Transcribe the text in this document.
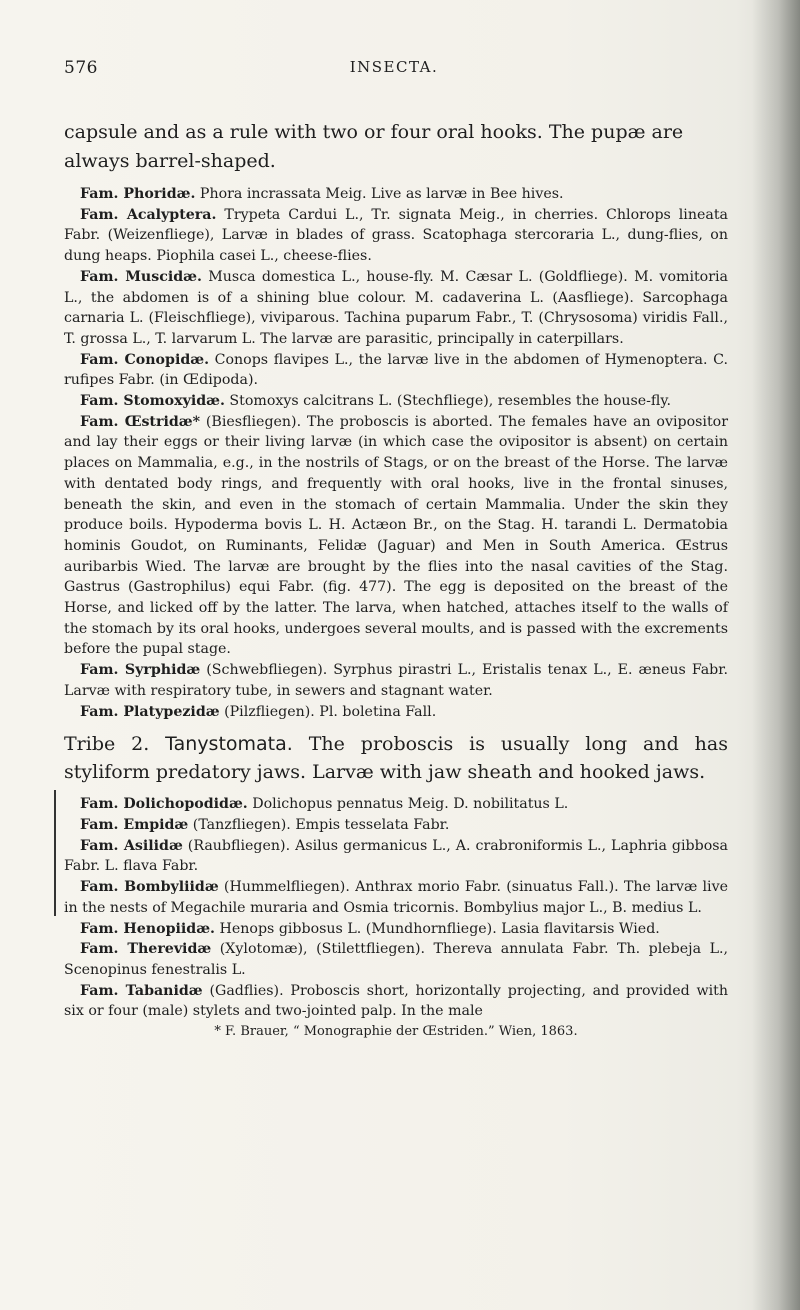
576	INSECTA.

capsule and as a rule with two or four oral hooks. The pupæ are always barrel-shaped.

Fam. Phoridæ. Phora incrassata Meig. Live as larvæ in Bee hives.

Fam. Acalyptera. Trypeta Cardui L., Tr. signata Meig., in cherries. Chlorops lineata Fabr. (Weizenfliege), Larvæ in blades of grass. Scatophaga stercoraria L., dung-flies, on dung heaps. Piophila casei L., cheese-flies.

Fam. Muscidæ. Musca domestica L., house-fly. M. Cæsar L. (Goldfliege). M. vomitoria L., the abdomen is of a shining blue colour. M. cadaverina L. (Aasfliege). Sarcophaga carnaria L. (Fleischfliege), viviparous. Tachina puparum Fabr., T. (Chrysosoma) viridis Fall., T. grossa L., T. larvarum L. The larvæ are parasitic, principally in caterpillars.

Fam. Conopidæ. Conops flavipes L., the larvæ live in the abdomen of Hymenoptera. C. rufipes Fabr. (in Œdipoda).

Fam. Stomoxyidæ. Stomoxys calcitrans L. (Stechfliege), resembles the house-fly.

Fam. Œstridæ* (Biesfliegen). The proboscis is aborted. The females have an ovipositor and lay their eggs or their living larvæ (in which case the ovipositor is absent) on certain places on Mammalia, e.g., in the nostrils of Stags, or on the breast of the Horse. The larvæ with dentated body rings, and frequently with oral hooks, live in the frontal sinuses, beneath the skin, and even in the stomach of certain Mammalia. Under the skin they produce boils. Hypoderma bovis L. H. Actæon Br., on the Stag. H. tarandi L. Dermatobia hominis Goudot, on Ruminants, Felidæ (Jaguar) and Men in South America. Œstrus auribarbis Wied. The larvæ are brought by the flies into the nasal cavities of the Stag. Gastrus (Gastrophilus) equi Fabr. (fig. 477). The egg is deposited on the breast of the Horse, and licked off by the latter. The larva, when hatched, attaches itself to the walls of the stomach by its oral hooks, undergoes several moults, and is passed with the excrements before the pupal stage.

Fam. Syrphidæ (Schwebfliegen). Syrphus pirastri L., Eristalis tenax L., E. æneus Fabr. Larvæ with respiratory tube, in sewers and stagnant water.

Fam. Platypezidæ (Pilzfliegen). Pl. boletina Fall.

Tribe 2. Tanystomata. The proboscis is usually long and has styliform predatory jaws. Larvæ with jaw sheath and hooked jaws.

Fam. Dolichopodidæ. Dolichopus pennatus Meig. D. nobilitatus L.

Fam. Empidæ (Tanzfliegen). Empis tesselata Fabr.

Fam. Asilidæ (Raubfliegen). Asilus germanicus L., A. crabroniformis L., Laphria gibbosa Fabr. L. flava Fabr.

Fam. Bombyliidæ (Hummelfliegen). Anthrax morio Fabr. (sinuatus Fall.). The larvæ live in the nests of Megachile muraria and Osmia tricornis. Bombylius major L., B. medius L.

Fam. Henopiidæ. Henops gibbosus L. (Mundhornfliege). Lasia flavitarsis Wied.

Fam. Therevidæ (Xylotomæ), (Stilettfliegen). Thereva annulata Fabr. Th. plebeja L., Scenopinus fenestralis L.

Fam. Tabanidæ (Gadflies). Proboscis short, horizontally projecting, and provided with six or four (male) stylets and two-jointed palp. In the male

* F. Brauer, “ Monographie der Œstriden.” Wien, 1863.
